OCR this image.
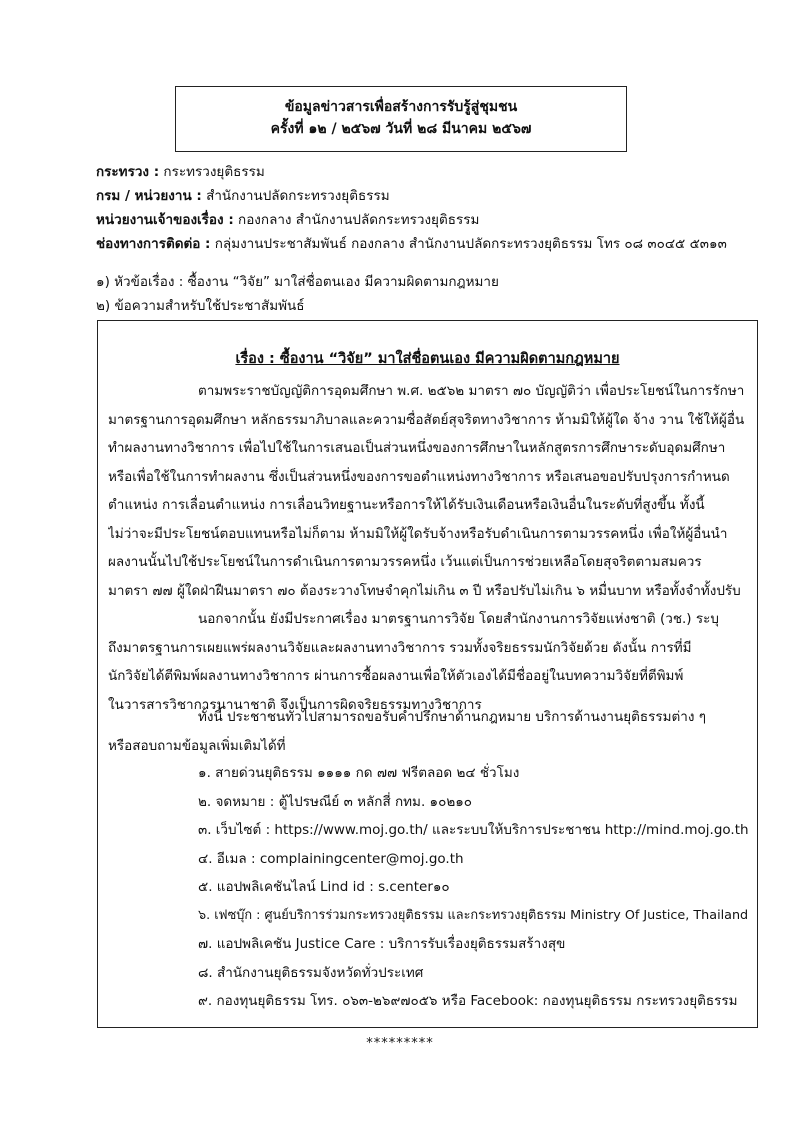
ข้อมูลข่าวสารเพื่อสร้างการรับรู้สู่ชุมชน
ครั้งที่ ๑๒ / ๒๕๖๗ วันที่ ๒๘ มีนาคม ๒๕๖๗
กระทรวง : กระทรวงยุติธรรม
กรม / หน่วยงาน : สำนักงานปลัดกระทรวงยุติธรรม
หน่วยงานเจ้าของเรื่อง : กองกลาง สำนักงานปลัดกระทรวงยุติธรรม
ช่องทางการติดต่อ : กลุ่มงานประชาสัมพันธ์ กองกลาง สำนักงานปลัดกระทรวงยุติธรรม โทร ๐๘ ๓๐๔๕ ๕๓๑๓
๑) หัวข้อเรื่อง : ซื้องาน “วิจัย” มาใส่ชื่อตนเอง มีความผิดตามกฎหมาย
๒) ข้อความสำหรับใช้ประชาสัมพันธ์
เรื่อง : ซื้องาน “วิจัย” มาใส่ชื่อตนเอง มีความผิดตามกฎหมาย
ตามพระราชบัญญัติการอุดมศึกษา พ.ศ. ๒๕๖๒ มาตรา ๗๐ บัญญัติว่า เพื่อประโยชน์ในการรักษา
มาตรฐานการอุดมศึกษา หลักธรรมาภิบาลและความซื่อสัตย์สุจริตทางวิชาการ ห้ามมิให้ผู้ใด จ้าง วาน ใช้ให้ผู้อื่น
ทำผลงานทางวิชาการ เพื่อไปใช้ในการเสนอเป็นส่วนหนึ่งของการศึกษาในหลักสูตรการศึกษาระดับอุดมศึกษา
หรือเพื่อใช้ในการทำผลงาน ซึ่งเป็นส่วนหนึ่งของการขอตำแหน่งทางวิชาการ หรือเสนอขอปรับปรุงการกำหนด
ตำแหน่ง การเลื่อนตำแหน่ง การเลื่อนวิทยฐานะหรือการให้ได้รับเงินเดือนหรือเงินอื่นในระดับที่สูงขึ้น ทั้งนี้
ไม่ว่าจะมีประโยชน์ตอบแทนหรือไม่ก็ตาม ห้ามมิให้ผู้ใดรับจ้างหรือรับดำเนินการตามวรรคหนึ่ง เพื่อให้ผู้อื่นนำ
ผลงานนั้นไปใช้ประโยชน์ในการดำเนินการตามวรรคหนึ่ง เว้นแต่เป็นการช่วยเหลือโดยสุจริตตามสมควร
มาตรา ๗๗ ผู้ใดฝ่าฝืนมาตรา ๗๐ ต้องระวางโทษจำคุกไม่เกิน ๓ ปี หรือปรับไม่เกิน ๖ หมื่นบาท หรือทั้งจำทั้งปรับ
นอกจากนั้น ยังมีประกาศเรื่อง มาตรฐานการวิจัย โดยสำนักงานการวิจัยแห่งชาติ (วช.) ระบุ
ถึงมาตรฐานการเผยแพร่ผลงานวิจัยและผลงานทางวิชาการ รวมทั้งจริยธรรมนักวิจัยด้วย ดังนั้น การที่มี
นักวิจัยได้ตีพิมพ์ผลงานทางวิชาการ ผ่านการซื้อผลงานเพื่อให้ตัวเองได้มีชื่ออยู่ในบทความวิจัยที่ตีพิมพ์
ในวารสารวิชาการนานาชาติ จึงเป็นการผิดจริยธรรมทางวิชาการ
ทั้งนี้ ประชาชนทั่วไปสามารถขอรับคำปรึกษาด้านกฎหมาย บริการด้านงานยุติธรรมต่าง ๆ
หรือสอบถามข้อมูลเพิ่มเติมได้ที่
๑. สายด่วนยุติธรรม ๑๑๑๑ กด ๗๗ ฟรีตลอด ๒๔ ชั่วโมง
๒. จดหมาย : ตู้ไปรษณีย์ ๓ หลักสี่ กทม. ๑๐๒๑๐
๓. เว็บไซต์ : https://www.moj.go.th/ และระบบให้บริการประชาชน http://mind.moj.go.th
๔. อีเมล : complainingcenter@moj.go.th
๕. แอปพลิเคชันไลน์ Lind id : s.center๑๐
๖. เฟซบุ๊ก : ศูนย์บริการร่วมกระทรวงยุติธรรม และกระทรวงยุติธรรม Ministry Of Justice, Thailand
๗. แอปพลิเคชัน Justice Care : บริการรับเรื่องยุติธรรมสร้างสุข
๘. สำนักงานยุติธรรมจังหวัดทั่วประเทศ
๙. กองทุนยุติธรรม โทร. ๐๖๓-๒๖๙๗๐๕๖ หรือ Facebook: กองทุนยุติธรรม กระทรวงยุติธรรม
*********
